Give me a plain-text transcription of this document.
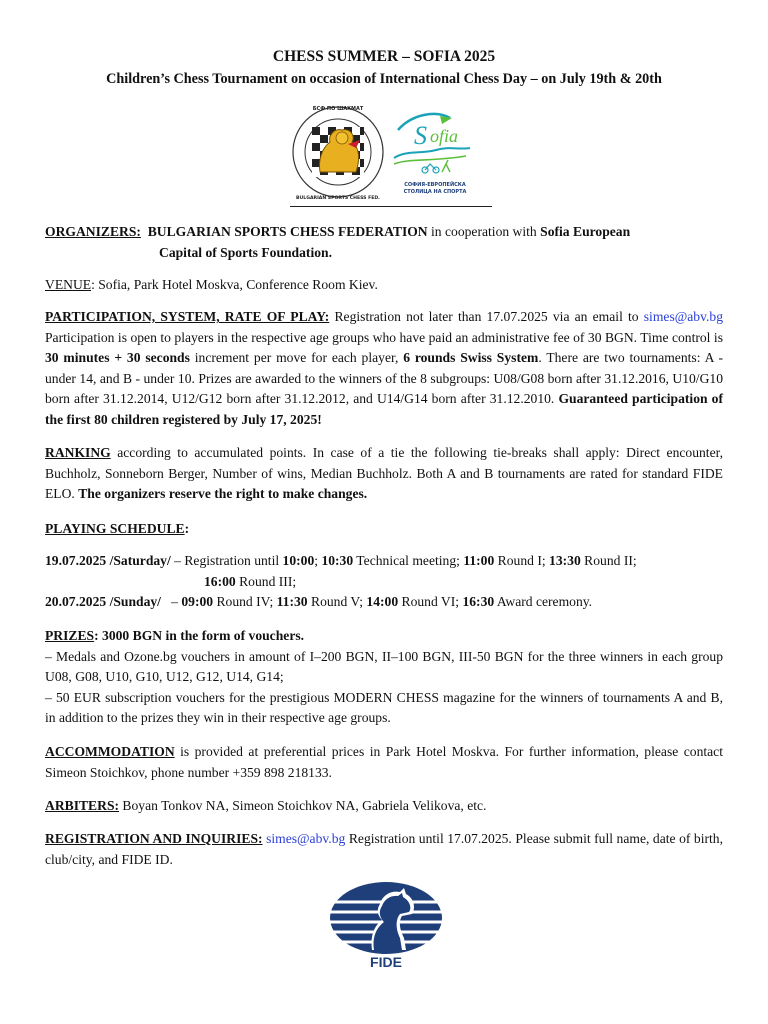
CHESS SUMMER – SOFIA 2025
Children’s Chess Tournament on occasion of International Chess Day – on July 19th & 20th
БСФ ПО ШАХМАТ
BULGARIAN SPORTS CHESS FED.
S ofia
СОФИЯ-ЕВРОПЕЙСКА
СТОЛИЦА НА СПОРТА
ORGANIZERS: BULGARIAN SPORTS CHESS FEDERATION in cooperation with Sofia European
Capital of Sports Foundation.
VENUE: Sofia, Park Hotel Moskva, Conference Room Kiev.
PARTICIPATION, SYSTEM, RATE OF PLAY: Registration not later than 17.07.2025 via an email to simes@abv.bg Participation is open to players in the respective age groups who have paid an administrative fee of 30 BGN. Time control is 30 minutes + 30 seconds increment per move for each player, 6 rounds Swiss System. There are two tournaments: A - under 14, and B - under 10. Prizes are awarded to the winners of the 8 subgroups: U08/G08 born after 31.12.2016, U10/G10 born after 31.12.2014, U12/G12 born after 31.12.2012, and U14/G14 born after 31.12.2010. Guaranteed participation of the first 80 children registered by July 17, 2025!
RANKING according to accumulated points. In case of a tie the following tie-breaks shall apply: Direct encounter, Buchholz, Sonneborn Berger, Number of wins, Median Buchholz. Both A and B tournaments are rated for standard FIDE ELO. The organizers reserve the right to make changes.
PLAYING SCHEDULE:
19.07.2025 /Saturday/ – Registration until 10:00; 10:30 Technical meeting; 11:00 Round I; 13:30 Round II;
16:00 Round III;
20.07.2025 /Sunday/   – 09:00 Round IV; 11:30 Round V; 14:00 Round VI; 16:30 Award ceremony.
PRIZES: 3000 BGN in the form of vouchers.
– Medals and Ozone.bg vouchers in amount of I–200 BGN, II–100 BGN, III-50 BGN for the three winners in each group U08, G08, U10, G10, U12, G12, U14, G14;
– 50 EUR subscription vouchers for the prestigious MODERN CHESS magazine for the winners of tournaments A and B, in addition to the prizes they win in their respective age groups.
ACCOMMODATION is provided at preferential prices in Park Hotel Moskva. For further information, please contact Simeon Stoichkov, phone number +359 898 218133.
ARBITERS: Boyan Tonkov NA, Simeon Stoichkov NA, Gabriela Velikova, etc.
REGISTRATION AND INQUIRIES: simes@abv.bg Registration until 17.07.2025. Please submit full name, date of birth, club/city, and FIDE ID.
FIDE
